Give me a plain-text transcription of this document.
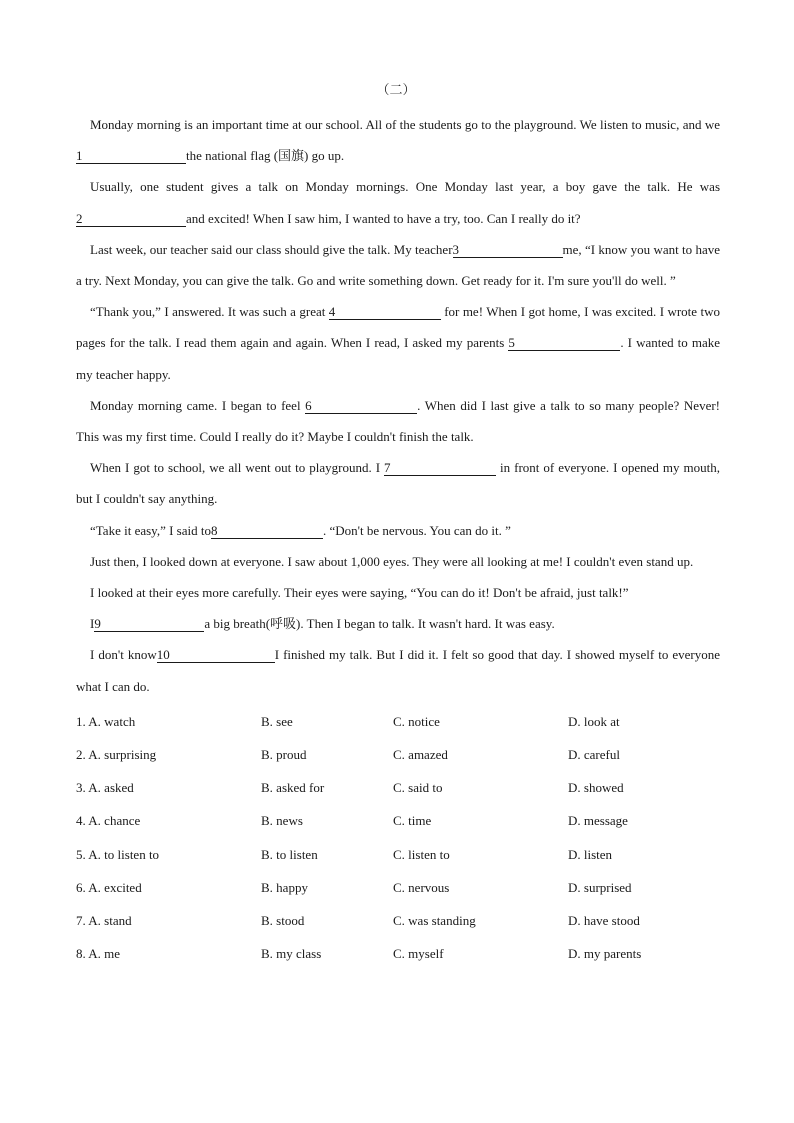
（二）

Monday morning is an important time at our school. All of the students go to the playground. We listen to music, and we1	the national flag (国旗) go up.

Usually, one student gives a talk on Monday mornings. One Monday last year, a boy gave the talk. He was2	and excited! When I saw him, I wanted to have a try, too. Can I really do it?

Last week, our teacher said our class should give the talk. My teacher3	me, “I know you want to have a try. Next Monday, you can give the talk. Go and write something down. Get ready for it. I'm sure you'll do well. ”

“Thank you,” I answered. It was such a great 4	for me! When I got home, I was excited. I wrote two pages for the talk. I read them again and again. When I read, I asked my parents 5	. I wanted to make my teacher happy.

Monday morning came. I began to feel 6	. When did I last give a talk to so many people? Never! This was my first time. Could I really do it? Maybe I couldn't finish the talk.

When I got to school, we all went out to playground. I 7	in front of everyone. I opened my mouth, but I couldn't say anything.

“Take it easy,” I said to8	. “Don't be nervous. You can do it. ”

Just then, I looked down at everyone. I saw about 1,000 eyes. They were all looking at me! I couldn't even stand up.

I looked at their eyes more carefully. Their eyes were saying, “You can do it! Don't be afraid, just talk!”

I9	a big breath(呼吸). Then I began to talk. It wasn't hard. It was easy.

I don't know10	I finished my talk. But I did it. I felt so good that day. I showed myself to everyone what I can do.

1. A. watch	B. see	C. notice	D. look at
2. A. surprising	B. proud	C. amazed	D. careful
3. A. asked	B. asked for	C. said to	D. showed
4. A. chance	B. news	C. time	D. message
5. A. to listen to	B. to listen	C. listen to	D. listen
6. A. excited	B. happy	C. nervous	D. surprised
7. A. stand	B. stood	C. was standing	D. have stood
8. A. me	B. my class	C. myself	D. my parents
